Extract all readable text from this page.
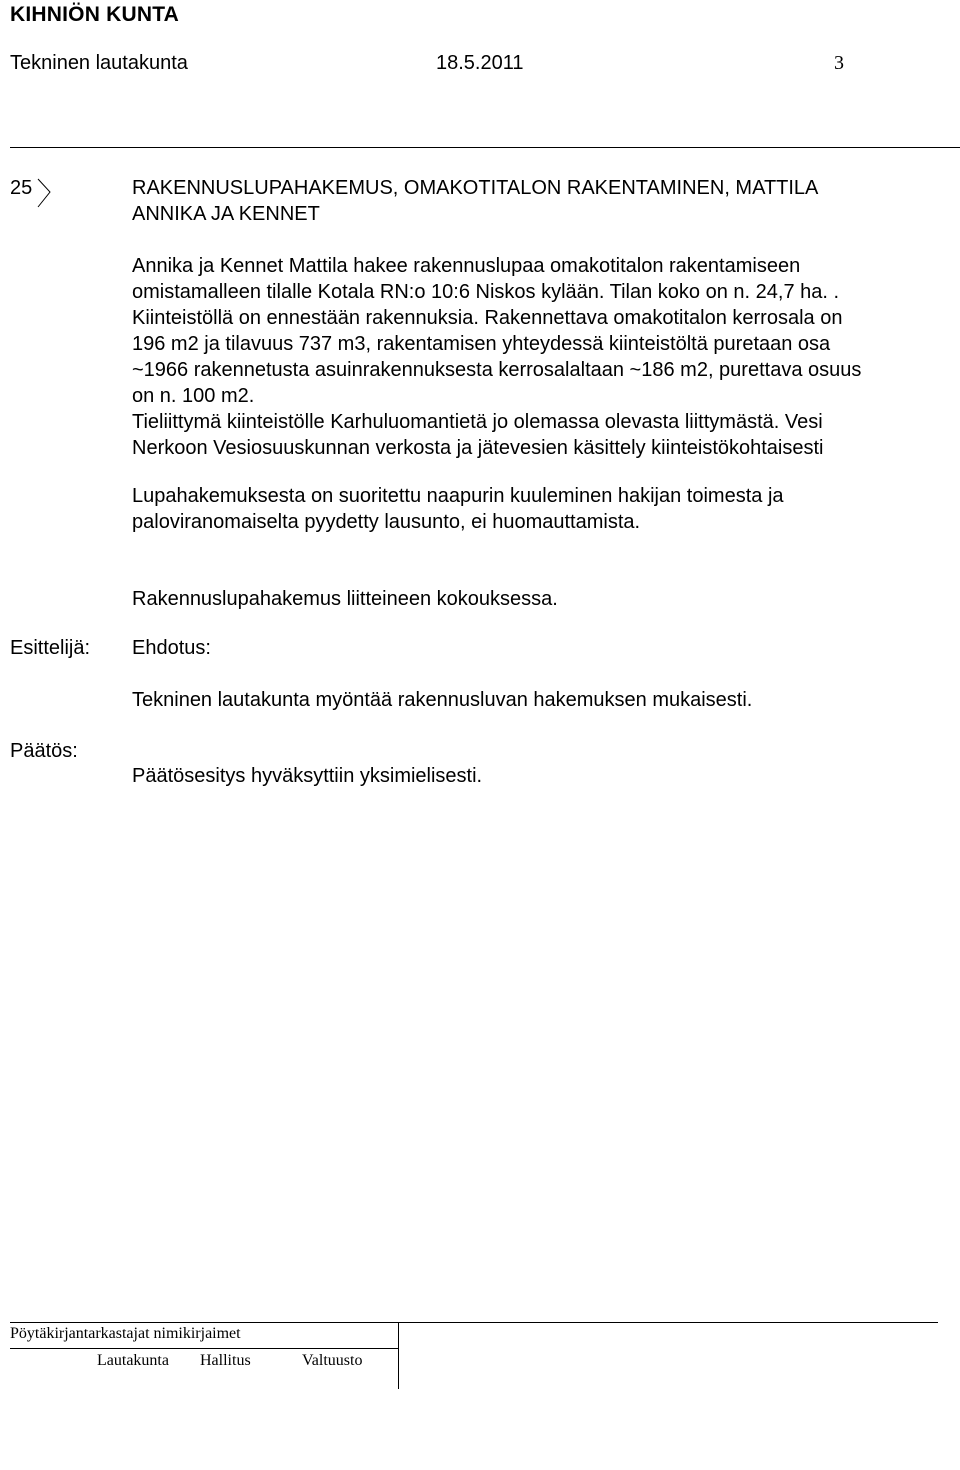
KIHNIÖN KUNTA
Tekninen lautakunta	18.5.2011	3
25	RAKENNUSLUPAHAKEMUS, OMAKOTITALON RAKENTAMINEN, MATTILA
ANNIKA JA KENNET
Annika ja Kennet Mattila hakee rakennuslupaa omakotitalon rakentamiseen
omistamalleen tilalle Kotala RN:o 10:6 Niskos kylään. Tilan koko on n. 24,7 ha. .
Kiinteistöllä on ennestään rakennuksia. Rakennettava omakotitalon kerrosala on
196 m2 ja tilavuus 737 m3, rakentamisen yhteydessä kiinteistöltä puretaan osa
~1966 rakennetusta asuinrakennuksesta kerrosalaltaan ~186 m2, purettava osuus
on n. 100 m2.
Tieliittymä kiinteistölle Karhuluomantietä jo olemassa olevasta liittymästä. Vesi
Nerkoon Vesiosuuskunnan verkosta ja jätevesien käsittely kiinteistökohtaisesti
Lupahakemuksesta on suoritettu naapurin kuuleminen hakijan toimesta ja
paloviranomaiselta pyydetty lausunto, ei huomauttamista.
Rakennuslupahakemus liitteineen kokouksessa.
Esittelijä: Ehdotus:
Tekninen lautakunta myöntää rakennusluvan hakemuksen mukaisesti.
Päätös:
Päätösesitys hyväksyttiin yksimielisesti.
Pöytäkirjantarkastajat nimikirjaimet
Lautakunta Hallitus	Valtuusto
